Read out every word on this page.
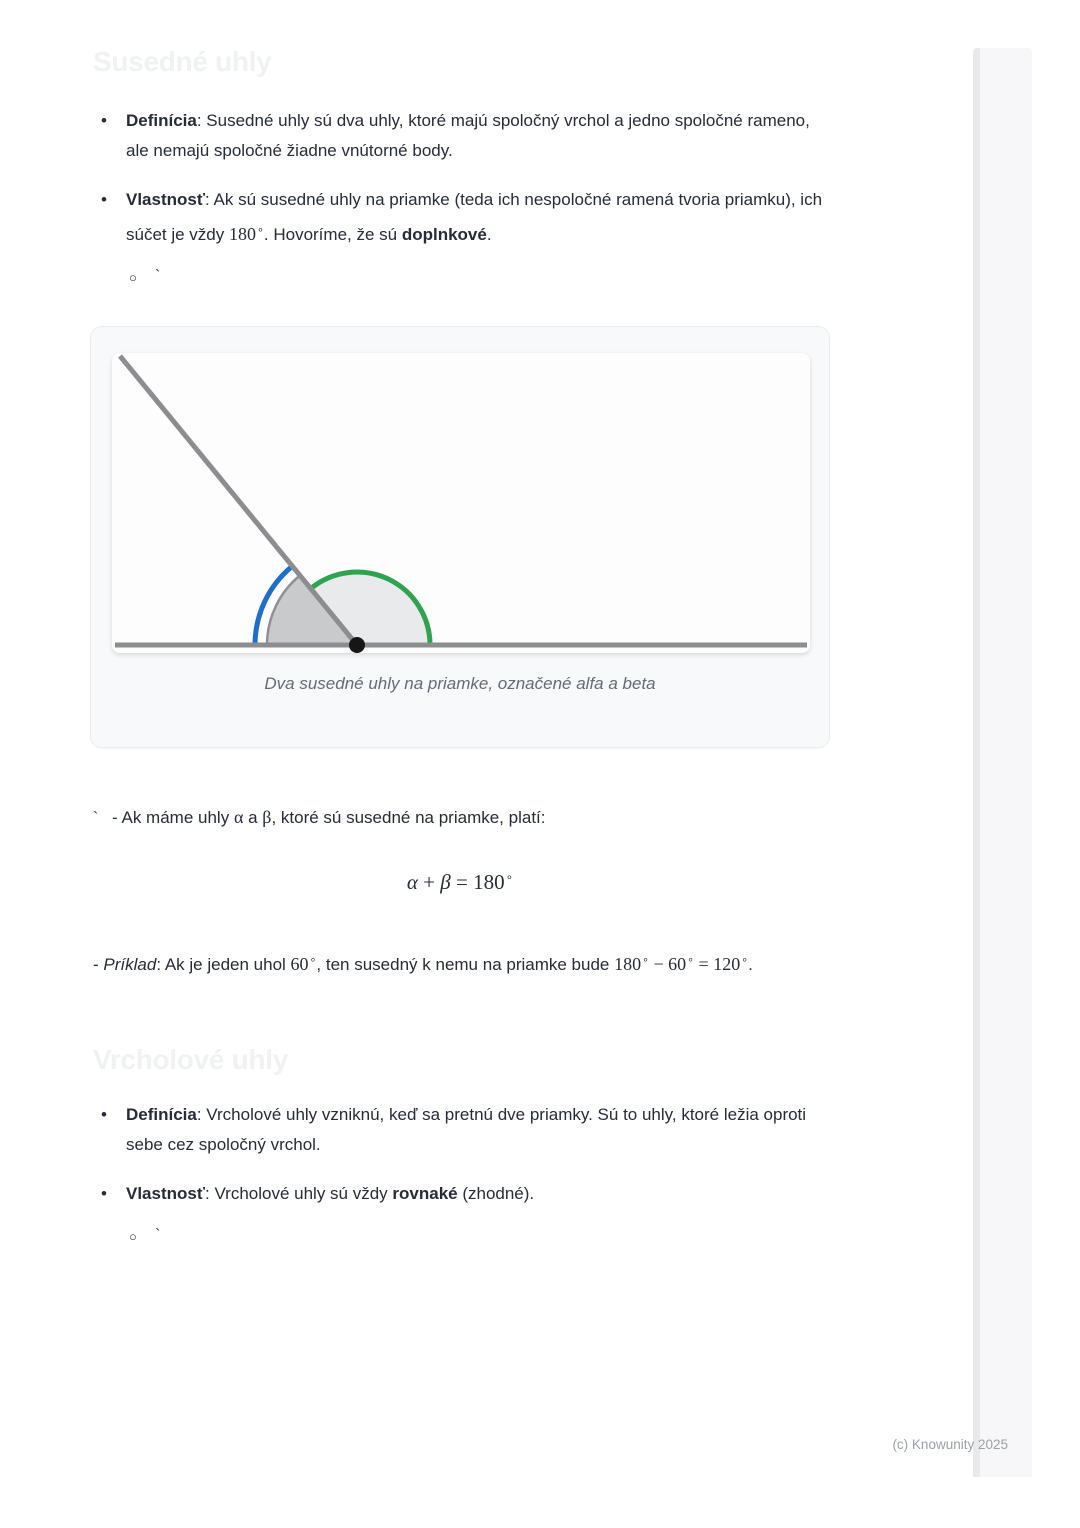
Susedné uhly
• Definícia: Susedné uhly sú dva uhly, ktoré majú spoločný vrchol a jedno spoločné rameno, ale nemajú spoločné žiadne vnútorné body.
• Vlastnosť: Ak sú susedné uhly na priamke (teda ich nespoločné ramená tvoria priamku), ich súčet je vždy 180∘. Hovoríme, že sú doplnkové.
○ `
Dva susedné uhly na priamke, označené alfa a beta
` - Ak máme uhly α a β, ktoré sú susedné na priamke, platí:
α + β = 180∘
- Príklad: Ak je jeden uhol 60∘, ten susedný k nemu na priamke bude 180∘ − 60∘ = 120∘.
Vrcholové uhly
• Definícia: Vrcholové uhly vzniknú, keď sa pretnú dve priamky. Sú to uhly, ktoré ležia oproti sebe cez spoločný vrchol.
• Vlastnosť: Vrcholové uhly sú vždy rovnaké (zhodné).
○ `
(c) Knowunity 2025
